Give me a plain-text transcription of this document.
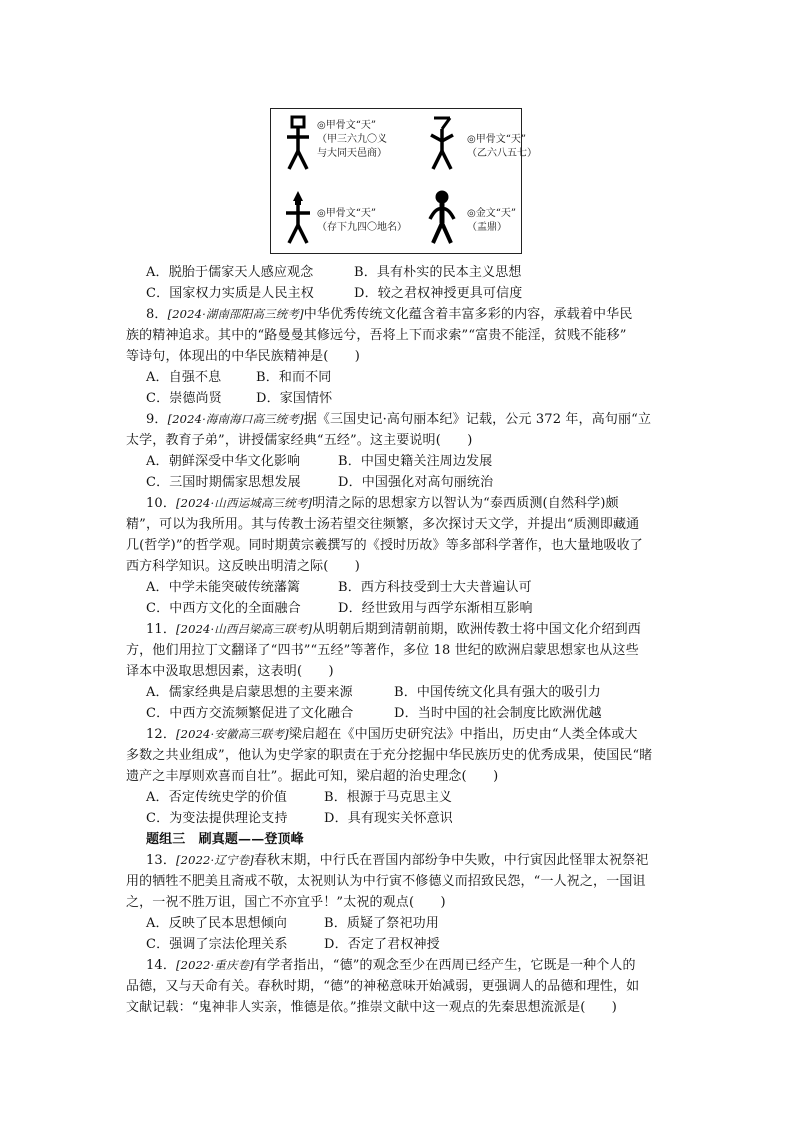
◎甲骨文“天”
（甲三六九〇义
与大同天邑商）
◎甲骨文“天”
（乙六八五七）
◎甲骨文“天”
（存下九四〇地名）
◎金文“天”
（盂鼎）
A．脱胎于儒家天人感应观念	B．具有朴实的民本主义思想
C．国家权力实质是人民主权	D．较之君权神授更具可信度
8．[2024·湖南邵阳高三统考]中华优秀传统文化蕴含着丰富多彩的内容，承载着中华民
族的精神追求。其中的“路曼曼其修远兮，吾将上下而求索”“富贵不能淫，贫贱不能移”
等诗句，体现出的中华民族精神是(　　)
A．自强不息	B．和而不同
C．崇德尚贤	D．家国情怀
9．[2024·海南海口高三统考]据《三国史记·高句丽本纪》记载，公元 372 年，高句丽“立
太学，教育子弟”，讲授儒家经典“五经”。这主要说明(　　)
A．朝鲜深受中华文化影响	B．中国史籍关注周边发展
C．三国时期儒家思想发展	D．中国强化对高句丽统治
10．[2024·山西运城高三统考]明清之际的思想家方以智认为“泰西质测(自然科学)颇
精”，可以为我所用。其与传教士汤若望交往频繁，多次探讨天文学，并提出“质测即藏通
几(哲学)”的哲学观。同时期黄宗羲撰写的《授时历故》等多部科学著作，也大量地吸收了
西方科学知识。这反映出明清之际(　　)
A．中学未能突破传统藩篱	B．西方科技受到士大夫普遍认可
C．中西方文化的全面融合	D．经世致用与西学东渐相互影响
11．[2024·山西吕梁高三联考]从明朝后期到清朝前期，欧洲传教士将中国文化介绍到西
方，他们用拉丁文翻译了“四书”“五经”等著作，多位 18 世纪的欧洲启蒙思想家也从这些
译本中汲取思想因素，这表明(　　)
A．儒家经典是启蒙思想的主要来源	B．中国传统文化具有强大的吸引力
C．中西方交流频繁促进了文化融合	D．当时中国的社会制度比欧洲优越
12．[2024·安徽高三联考]梁启超在《中国历史研究法》中指出，历史由“人类全体或大
多数之共业组成”，他认为史学家的职责在于充分挖掘中华民族历史的优秀成果，使国民“睹
遗产之丰厚则欢喜而自壮”。据此可知，梁启超的治史理念(　　)
A．否定传统史学的价值	B．根源于马克思主义
C．为变法提供理论支持	D．具有现实关怀意识
题组三　刷真题——登顶峰
13．[2022·辽宁卷]春秋末期，中行氏在晋国内部纷争中失败，中行寅因此怪罪太祝祭祀
用的牺牲不肥美且斋戒不敬，太祝则认为中行寅不修德义而招致民怨，“一人祝之，一国诅
之，一祝不胜万诅，国亡不亦宜乎！”太祝的观点(　　)
A．反映了民本思想倾向	B．质疑了祭祀功用
C．强调了宗法伦理关系	D．否定了君权神授
14．[2022·重庆卷]有学者指出，“德”的观念至少在西周已经产生，它既是一种个人的
品德，又与天命有关。春秋时期，“德”的神秘意味开始减弱，更强调人的品德和理性，如
文献记载：“鬼神非人实亲，惟德是依。”推崇文献中这一观点的先秦思想流派是(　　)
